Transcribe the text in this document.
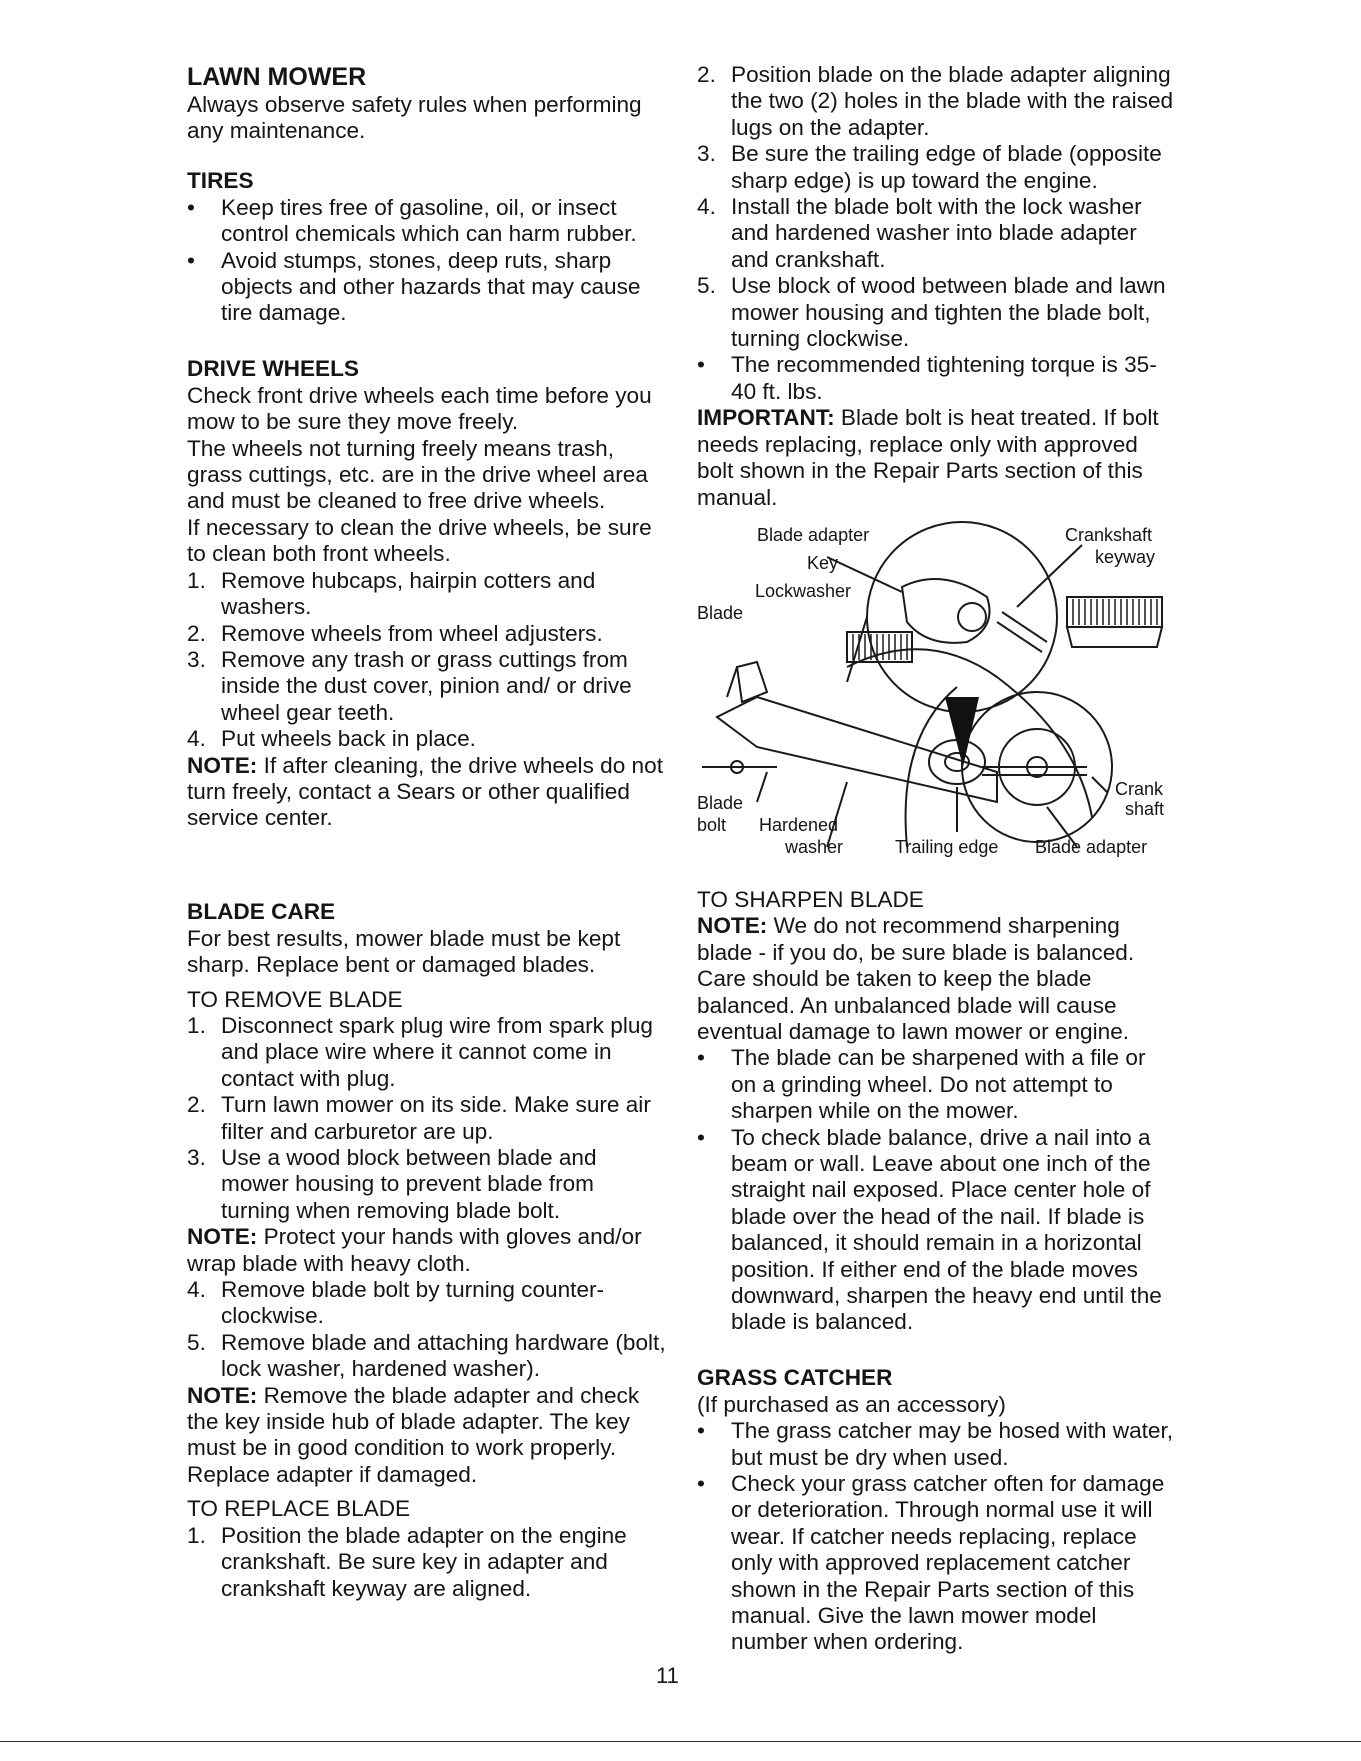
LAWN MOWER

Always observe safety rules when performing any maintenance.

TIRES
• Keep tires free of gasoline, oil, or insect control chemicals which can harm rubber.
• Avoid stumps, stones, deep ruts, sharp objects and other hazards that may cause tire damage.
DRIVE WHEELS

Check front drive wheels each time before you mow to be sure they move freely.

The wheels not turning freely means trash, grass cuttings, etc. are in the drive wheel area and must be cleaned to free drive wheels.

If necessary to clean the drive wheels, be sure to clean both front wheels.

1. Remove hubcaps, hairpin cotters and washers.
2. Remove wheels from wheel adjusters.
3. Remove any trash or grass cuttings from inside the dust cover, pinion and/ or drive wheel gear teeth.
4. Put wheels back in place.

NOTE: If after cleaning, the drive wheels do not turn freely, contact a Sears or other qualified service center.

BLADE CARE

For best results, mower blade must be kept sharp. Replace bent or damaged blades.

TO REMOVE BLADE

1. Disconnect spark plug wire from spark plug and place wire where it cannot come in contact with plug.
2. Turn lawn mower on its side. Make sure air filter and carburetor are up.
3. Use a wood block between blade and mower housing to prevent blade from turning when removing blade bolt.

NOTE: Protect your hands with gloves and/or wrap blade with heavy cloth.

4. Remove blade bolt by turning counter-clockwise.
5. Remove blade and attaching hardware (bolt, lock washer, hardened washer).

NOTE: Remove the blade adapter and check the key inside hub of blade adapter. The key must be in good condition to work properly. Replace adapter if damaged.

TO REPLACE BLADE

1. Position the blade adapter on the engine crankshaft. Be sure key in adapter and crankshaft keyway are aligned.
2. Position blade on the blade adapter aligning the two (2) holes in the blade with the raised lugs on the adapter.
3. Be sure the trailing edge of blade (opposite sharp edge) is up toward the engine.
4. Install the blade bolt with the lock washer and hardened washer into blade adapter and crankshaft.
5. Use block of wood between blade and lawn mower housing and tighten the blade bolt, turning clockwise.
• The recommended tightening torque is 35-40 ft. lbs.

IMPORTANT: Blade bolt is heat treated. If bolt needs replacing, replace only with approved bolt shown in the Repair Parts section of this manual.

Blade adapter	Crankshaft
keyway
Key
Lockwasher
Blade
Crank
shaft
Blade
bolt Hardened
washer	Trailing edge Blade adapter

TO SHARPEN BLADE

NOTE: We do not recommend sharpening blade - if you do, be sure blade is balanced. Care should be taken to keep the blade balanced. An unbalanced blade will cause eventual damage to lawn mower or engine.

• The blade can be sharpened with a file or on a grinding wheel. Do not attempt to sharpen while on the mower.
• To check blade balance, drive a nail into a beam or wall. Leave about one inch of the straight nail exposed. Place center hole of blade over the head of the nail. If blade is balanced, it should remain in a horizontal position. If either end of the blade moves downward, sharpen the heavy end until the blade is balanced.
GRASS CATCHER

(If purchased as an accessory)

• The grass catcher may be hosed with water, but must be dry when used.
• Check your grass catcher often for damage or deterioration. Through normal use it will wear. If catcher needs replacing, replace only with approved replacement catcher shown in the Repair Parts section of this manual. Give the lawn mower model number when ordering.
11
